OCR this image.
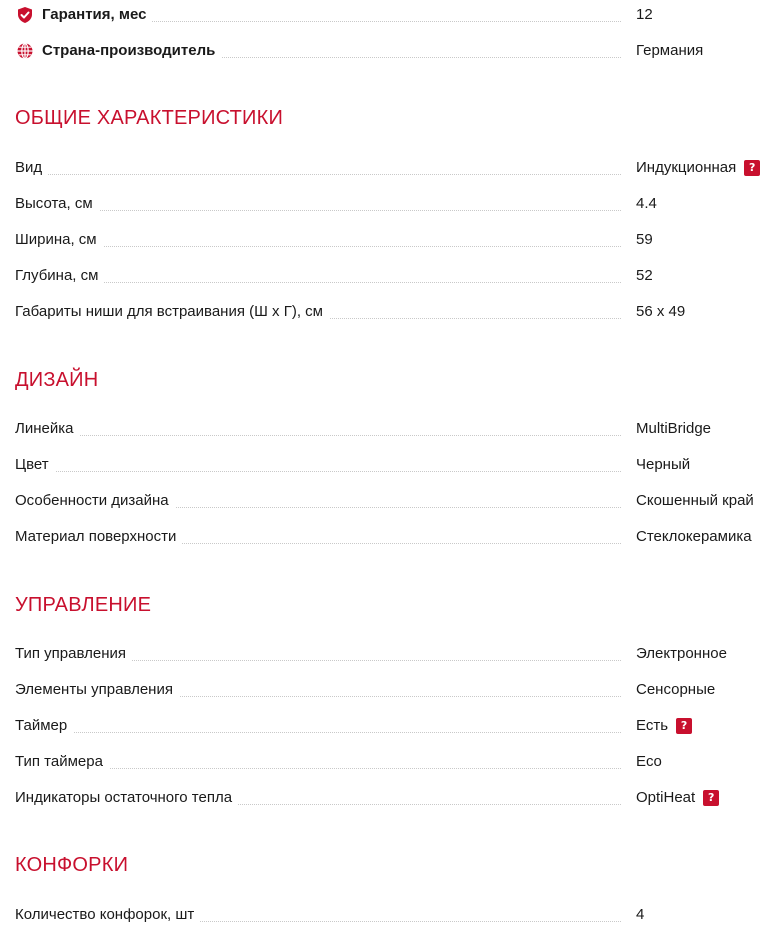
Гарантия, мес	12
Страна-производитель	Германия
ОБЩИЕ ХАРАКТЕРИСТИКИ
Вид	Индукционная	?
Высота, см	4.4
Ширина, см	59
Глубина, см	52
Габариты ниши для встраивания (Ш x Г), см	56 x 49
ДИЗАЙН
Линейка	MultiBridge
Цвет	Черный
Особенности дизайна	Скошенный край
Материал поверхности	Стеклокерамика
УПРАВЛЕНИЕ
Тип управления	Электронное
Элементы управления	Сенсорные
Таймер	Есть	?
Тип таймера	Eco
Индикаторы остаточного тепла	OptiHeat	?
КОНФОРКИ
Количество конфорок, шт	4
